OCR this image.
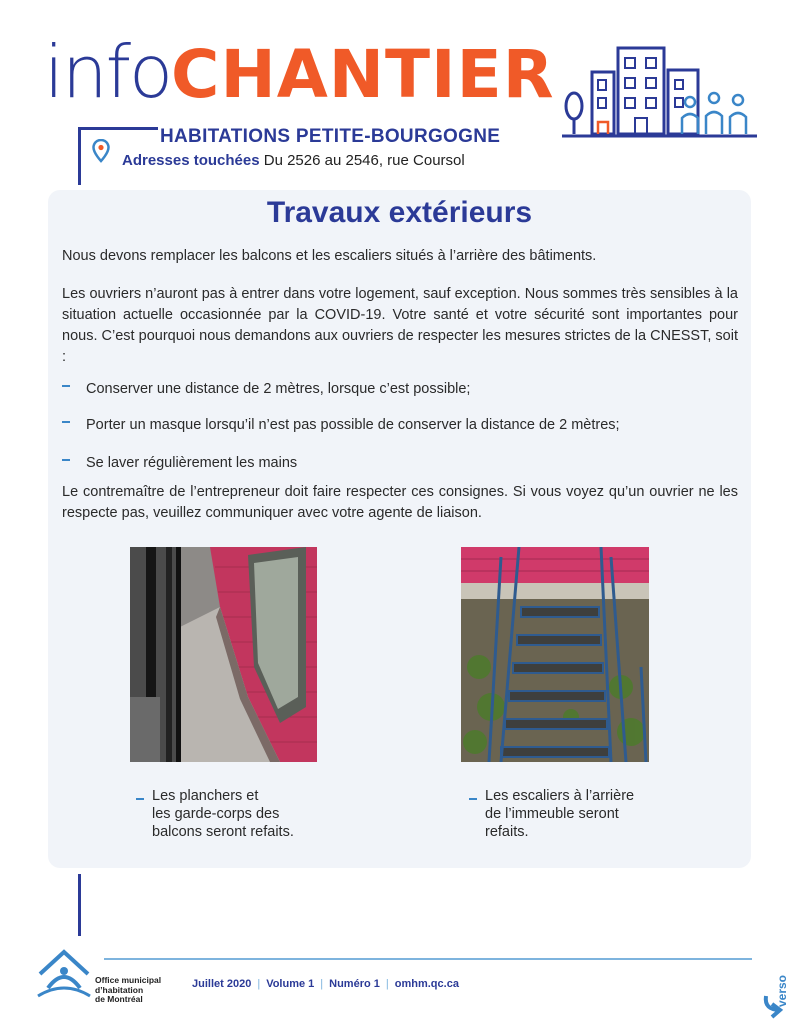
infoCHANTIER
HABITATIONS PETITE-BOURGOGNE
Adresses touchées Du 2526 au 2546, rue Coursol
Travaux extérieurs

Nous devons remplacer les balcons et les escaliers situés à l’arrière des bâtiments.

Les ouvriers n’auront pas à entrer dans votre logement, sauf exception. Nous sommes très sensibles à la situation actuelle occasionnée par la COVID-19. Votre santé et votre sécurité sont importantes pour nous. C’est pourquoi nous demandons aux ouvriers de respecter les mesures strictes de la CNESST, soit :

Conserver une distance de 2 mètres, lorsque c’est possible;
Porter un masque lorsqu’il n’est pas possible de conserver la distance de 2 mètres;
Se laver régulièrement les mains

Le contremaître de l’entrepreneur doit faire respecter ces consignes. Si vous voyez qu’un ouvrier ne les respecte pas, veuillez communiquer avec votre agente de liaison.

Les planchers et
les garde-corps des
balcons seront refaits.
Les escaliers à l’arrière
de l’immeuble seront
refaits.
Office municipal
d’habitation
de Montréal
Juillet 2020 | Volume 1 | Numéro 1 | omhm.qc.ca	verso
